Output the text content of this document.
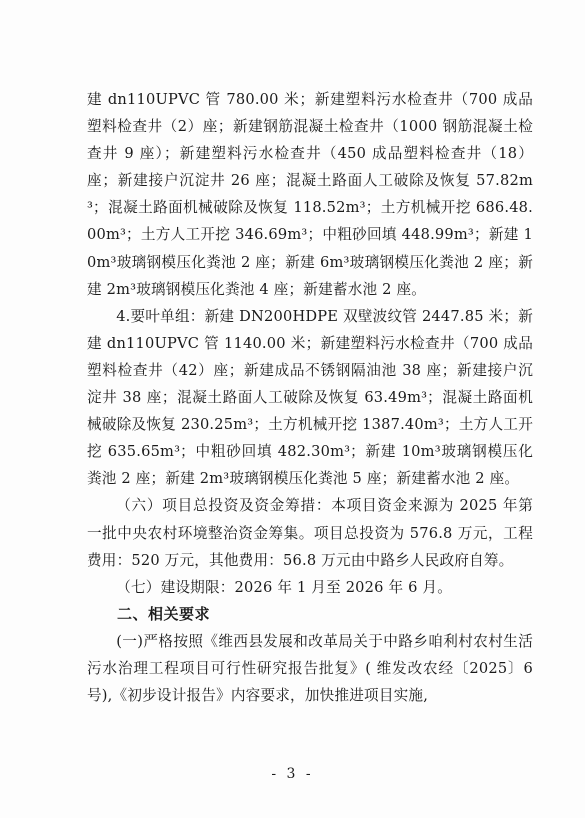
建 dn110UPVC 管 780.00 米；新建塑料污水检查井（700 成品塑料检查井（2）座；新建钢筋混凝土检查井（1000 钢筋混凝土检查井 9 座）；新建塑料污水检查井（450 成品塑料检查井（18）座；新建接户沉淀井 26 座；混凝土路面人工破除及恢复 57.82m³；混凝土路面机械破除及恢复 118.52m³；土方机械开挖 686.48.00m³；土方人工开挖 346.69m³；中粗砂回填 448.99m³；新建 10m³玻璃钢模压化粪池 2 座；新建 6m³玻璃钢模压化粪池 2 座；新建 2m³玻璃钢模压化粪池 4 座；新建蓄水池 2 座。

4.要叶单组：新建 DN200HDPE 双壁波纹管 2447.85 米；新建 dn110UPVC 管 1140.00 米；新建塑料污水检查井（700 成品塑料检查井（42）座；新建成品不锈钢隔油池 38 座；新建接户沉淀井 38 座；混凝土路面人工破除及恢复 63.49m³；混凝土路面机械破除及恢复 230.25m³；土方机械开挖 1387.40m³；土方人工开挖 635.65m³；中粗砂回填 482.30m³；新建 10m³玻璃钢模压化粪池 2 座；新建 2m³玻璃钢模压化粪池 5 座；新建蓄水池 2 座。

（六）项目总投资及资金筹措：本项目资金来源为 2025 年第一批中央农村环境整治资金筹集。项目总投资为 576.8 万元，工程费用：520 万元，其他费用：56.8 万元由中路乡人民政府自筹。

（七）建设期限：2026 年 1 月至 2026 年 6 月。

二、相关要求

(一)严格按照《维西县发展和改革局关于中路乡咱利村农村生活污水治理工程项目可行性研究报告批复》( 维发改农经〔2025〕6 号),《初步设计报告》内容要求，加快推进项目实施,

- 3 -
